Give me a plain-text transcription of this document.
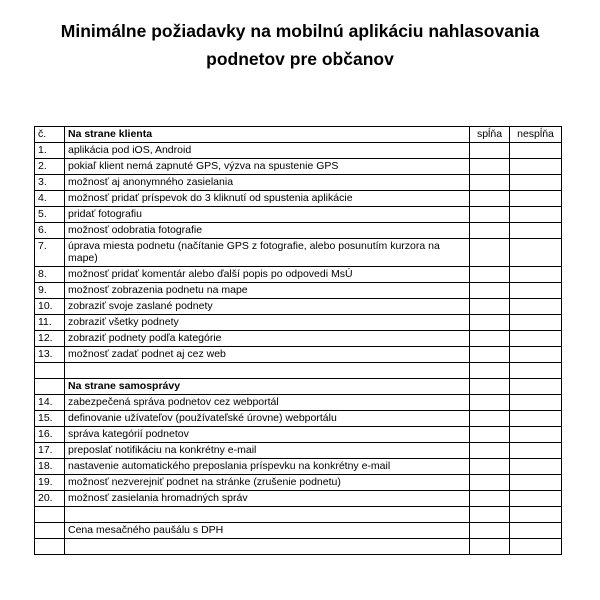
Minimálne požiadavky na mobilnú aplikáciu nahlasovania
podnetov pre občanov
č.	Na strane klienta	spĺňa	nespĺňa
1.	aplikácia pod iOS, Android		
2.	pokiaľ klient nemá zapnuté GPS, výzva na spustenie GPS		
3.	možnosť aj anonymného zasielania		
4.	možnosť pridať príspevok do 3 kliknutí od spustenia aplikácie		
5.	pridať fotografiu		
6.	možnosť odobratia fotografie		
7.	úprava miesta podnetu (načítanie GPS z fotografie, alebo posunutím kurzora na mape)		
8.	možnosť pridať komentár alebo ďalší popis po odpovedi MsÚ		
9.	možnosť zobrazenia podnetu na mape		
10.	zobraziť svoje zaslané podnety		
11.	zobraziť všetky podnety		
12.	zobraziť podnety podľa kategórie		
13.	možnosť zadať podnet aj cez web		

	Na strane samosprávy		
14.	zabezpečená správa podnetov cez webportál		
15.	definovanie užívateľov (používateľské úrovne) webportálu		
16.	správa kategórií podnetov		
17.	preposlať notifikáciu na konkrétny e-mail		
18.	nastavenie automatického preposlania príspevku na konkrétny e-mail		
19.	možnosť nezverejniť podnet na stránke (zrušenie podnetu)		
20.	možnosť zasielania hromadných správ		

	Cena mesačného paušálu s DPH		
